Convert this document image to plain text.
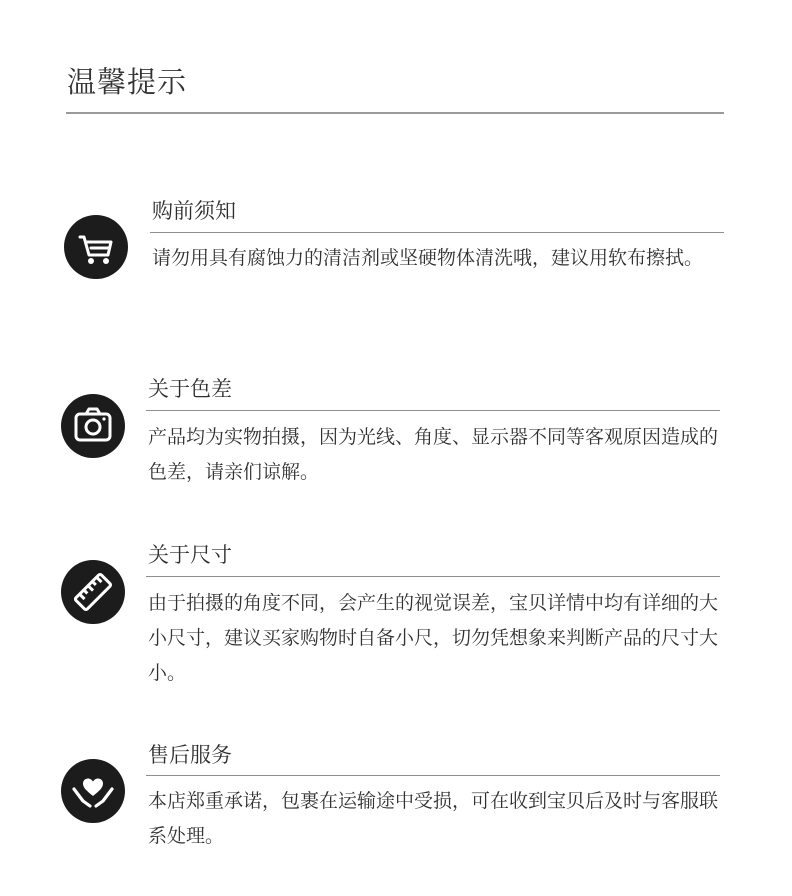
温馨提示
购前须知
请勿用具有腐蚀力的清洁剂或坚硬物体清洗哦，建议用软布擦拭。
关于色差
产品均为实物拍摄，因为光线、角度、显示器不同等客观原因造成的色差，请亲们谅解。
关于尺寸
由于拍摄的角度不同，会产生的视觉误差，宝贝详情中均有详细的大小尺寸，建议买家购物时自备小尺，切勿凭想象来判断产品的尺寸大小。
售后服务
本店郑重承诺，包裹在运输途中受损，可在收到宝贝后及时与客服联系处理。
